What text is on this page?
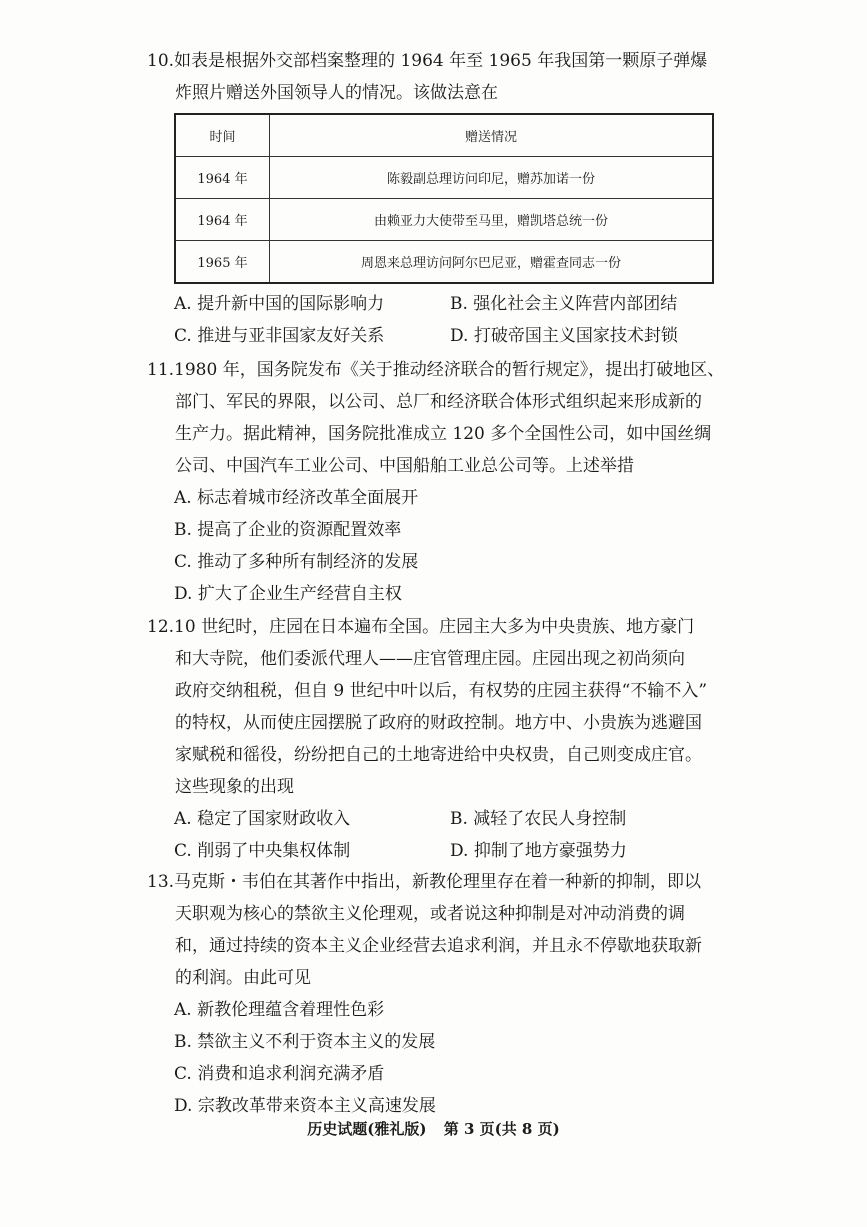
10.如表是根据外交部档案整理的 1964 年至 1965 年我国第一颗原子弹爆
炸照片赠送外国领导人的情况。该做法意在
时间	赠送情况
1964 年	陈毅副总理访问印尼，赠苏加诺一份
1964 年	由赖亚力大使带至马里，赠凯塔总统一份
1965 年	周恩来总理访问阿尔巴尼亚，赠霍查同志一份
A. 提升新中国的国际影响力	B. 强化社会主义阵营内部团结
C. 推进与亚非国家友好关系	D. 打破帝国主义国家技术封锁
11.1980 年，国务院发布《关于推动经济联合的暂行规定》，提出打破地区、
部门、军民的界限，以公司、总厂和经济联合体形式组织起来形成新的
生产力。据此精神，国务院批准成立 120 多个全国性公司，如中国丝绸
公司、中国汽车工业公司、中国船舶工业总公司等。上述举措
A. 标志着城市经济改革全面展开
B. 提高了企业的资源配置效率
C. 推动了多种所有制经济的发展
D. 扩大了企业生产经营自主权
12.10 世纪时，庄园在日本遍布全国。庄园主大多为中央贵族、地方豪门
和大寺院，他们委派代理人——庄官管理庄园。庄园出现之初尚须向
政府交纳租税，但自 9 世纪中叶以后，有权势的庄园主获得“不输不入”
的特权，从而使庄园摆脱了政府的财政控制。地方中、小贵族为逃避国
家赋税和徭役，纷纷把自己的土地寄进给中央权贵，自己则变成庄官。
这些现象的出现
A. 稳定了国家财政收入	B. 减轻了农民人身控制
C. 削弱了中央集权体制	D. 抑制了地方豪强势力
13.马克斯・韦伯在其著作中指出，新教伦理里存在着一种新的抑制，即以
天职观为核心的禁欲主义伦理观，或者说这种抑制是对冲动消费的调
和，通过持续的资本主义企业经营去追求利润，并且永不停歇地获取新
的利润。由此可见
A. 新教伦理蕴含着理性色彩
B. 禁欲主义不利于资本主义的发展
C. 消费和追求利润充满矛盾
D. 宗教改革带来资本主义高速发展
历史试题(雅礼版) 第 3 页(共 8 页)
